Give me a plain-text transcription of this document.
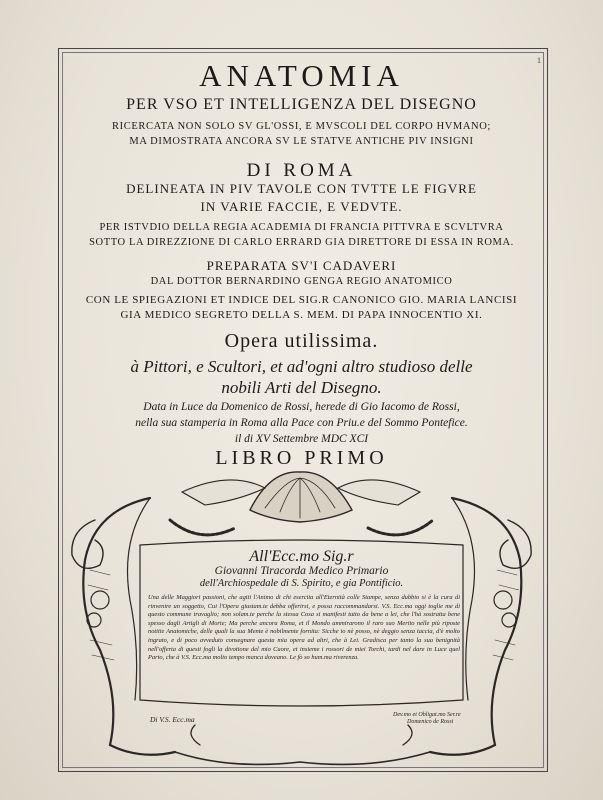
1
ANATOMIA
PER VSO ET INTELLIGENZA DEL DISEGNO
RICERCATA NON SOLO SV GL'OSSI, E MVSCOLI DEL CORPO HVMANO;
MA DIMOSTRATA ANCORA SV LE STATVE ANTICHE PIV INSIGNI
DI ROMA
DELINEATA IN PIV TAVOLE CON TVTTE LE FIGVRE
IN VARIE FACCIE, E VEDVTE.
PER ISTVDIO DELLA REGIA ACADEMIA DI FRANCIA PITTVRA E SCVLTVRA
SOTTO LA DIREZZIONE DI CARLO ERRARD GIA DIRETTORE DI ESSA IN ROMA.
PREPARATA SV'I CADAVERI
DAL DOTTOR BERNARDINO GENGA REGIO ANATOMICO
CON LE SPIEGAZIONI ET INDICE DEL SIG.R CANONICO GIO. MARIA LANCISI
GIA MEDICO SEGRETO DELLA S. MEM. DI PAPA INNOCENTIO XI.
Opera utilissima.
à Pittori, e Scultori, et ad'ogni altro studioso delle
nobili Arti del Disegno.
Data in Luce da Domenico de Rossi, herede di Gio Iacomo de Rossi,
nella sua stamperia in Roma alla Pace con Priu.e del Sommo Pontefice.
il di XV Settembre MDC XCI
LIBRO PRIMO
All'Ecc.mo Sig.r
Giovanni Tiracorda Medico Primario
dell'Archiospedale di S. Spirito, e gia Pontificio.
Una delle Maggiori passioni, che agiti l'Animo di chi esercita all'Eternità colle Stampe, senza dubbio si è la cura di rinvenire un soggetto, Cui l'Opera giustam.te debba offerirsi, e possa raccommandarsi. V.S. Ecc.ma oggi toglie me di questo commune travaglio; non solam.te perche la stessa Cosa si manifesti tutto da bene a lei, che l'hà sostratta bene spesso dagli Artigli di Morte; Ma perche ancora Roma, et il Mondo ammirarono il raro suo Merito nelle più riposte notitie Anatomiche, delle quali la sua Mente è nobilmente fornita: Sicche io nè posso, nè deggio senza taccia, d'è molto ingrato, e di poco avveduto consegnare questa mia opera ad altri, che à Lei. Gradisca per tanto la sua benignità nell'offerta di questi fogli la divotione del mio Cuore, et insieme i rossori de miei Torchi, tardi nel dare in Luce quel Parto, che à V.S. Ecc.ma molto tempo manca doveano. Le fò so hum.ma riverenza.
Di V.S. Ecc.ma	Dev.mo et Obligat.mo Ser.re
Domenico de Rossi
